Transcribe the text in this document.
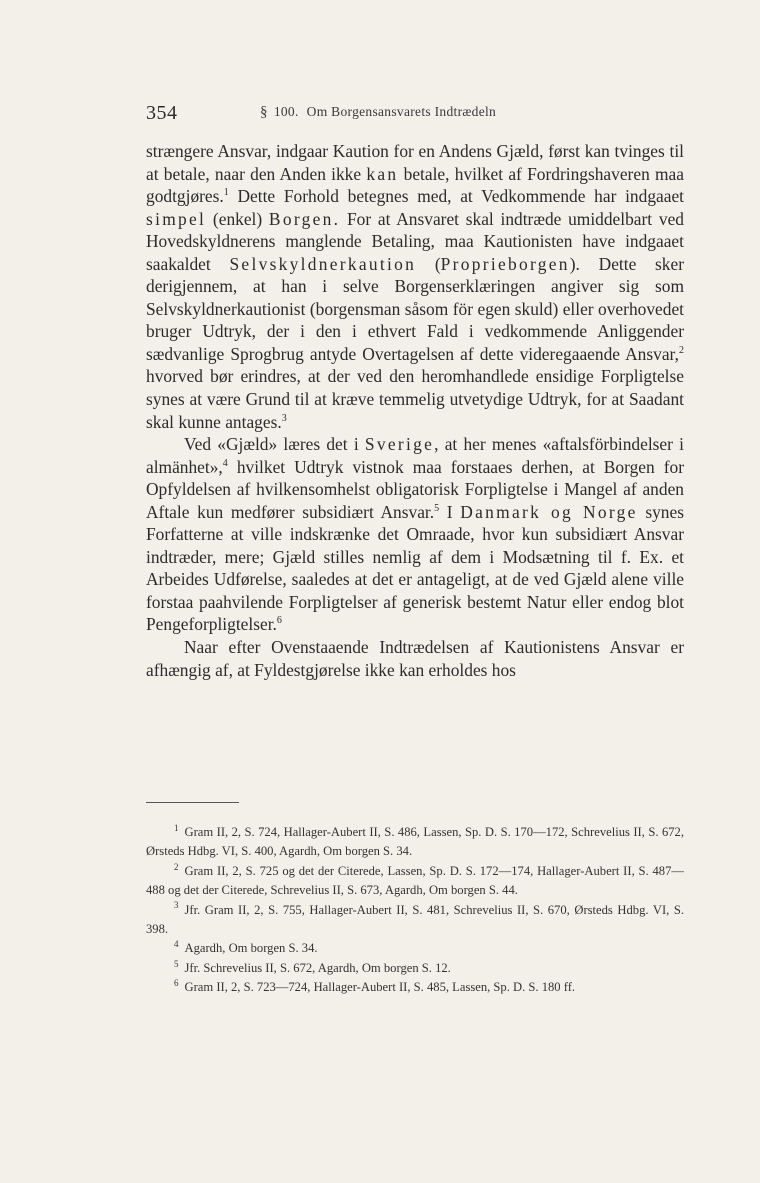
354	§ 100. Om Borgensansvarets Indtrædeln

strængere Ansvar, indgaar Kaution for en Andens Gjæld, først kan tvinges til at betale, naar den Anden ikke kan betale, hvilket af Fordringshaveren maa godtgjøres.$^1$ Dette Forhold betegnes med, at Vedkommende har indgaaet simpel (enkel) Borgen. For at Ansvaret skal indtræde umiddelbart ved Hovedskyldnerens manglende Betaling, maa Kautionisten have indgaaet saakaldet Selvskyldnerkaution (Proprieborgen). Dette sker derigjennem, at han i selve Borgenserklæringen angiver sig som Selvskyldnerkautionist (borgensman såsom för egen skuld) eller overhovedet bruger Udtryk, der i den i ethvert Fald i vedkommende Anliggender sædvanlige Sprogbrug antyde Overtagelsen af dette videregaaende Ansvar,$^2$ hvorved bør erindres, at der ved den heromhandlede ensidige Forpligtelse synes at være Grund til at kræve temmelig utvetydige Udtryk, for at Saadant skal kunne antages.$^3$

Ved «Gjæld» læres det i Sverige, at her menes «aftalsförbindelser i almänhet»,$^4$ hvilket Udtryk vistnok maa forstaaes derhen, at Borgen for Opfyldelsen af hvilkensomhelst obligatorisk Forpligtelse i Mangel af anden Aftale kun medfører subsidiært Ansvar.$^5$ I Danmark og Norge synes Forfatterne at ville indskrænke det Omraade, hvor kun subsidiært Ansvar indtræder, mere; Gjæld stilles nemlig af dem i Modsætning til f. Ex. et Arbeides Udførelse, saaledes at det er antageligt, at de ved Gjæld alene ville forstaa paahvilende Forpligtelser af generisk bestemt Natur eller endog blot Pengeforpligtelser.$^6$

Naar efter Ovenstaaende Indtrædelsen af Kautionistens Ansvar er afhængig af, at Fyldestgjørelse ikke kan erholdes hos

$^1$ Gram II, 2, S. 724, Hallager-Aubert II, S. 486, Lassen, Sp. D. S. 170—172, Schrevelius II, S. 672, Ørsteds Hdbg. VI, S. 400, Agardh, Om borgen S. 34.

$^2$ Gram II, 2, S. 725 og det der Citerede, Lassen, Sp. D. S. 172—174, Hallager-Aubert II, S. 487—488 og det der Citerede, Schrevelius II, S. 673, Agardh, Om borgen S. 44.

$^3$ Jfr. Gram II, 2, S. 755, Hallager-Aubert II, S. 481, Schrevelius II, S. 670, Ørsteds Hdbg. VI, S. 398.

$^4$ Agardh, Om borgen S. 34.

$^5$ Jfr. Schrevelius II, S. 672, Agardh, Om borgen S. 12.

$^6$ Gram II, 2, S. 723—724, Hallager-Aubert II, S. 485, Lassen, Sp. D. S. 180 ff.
